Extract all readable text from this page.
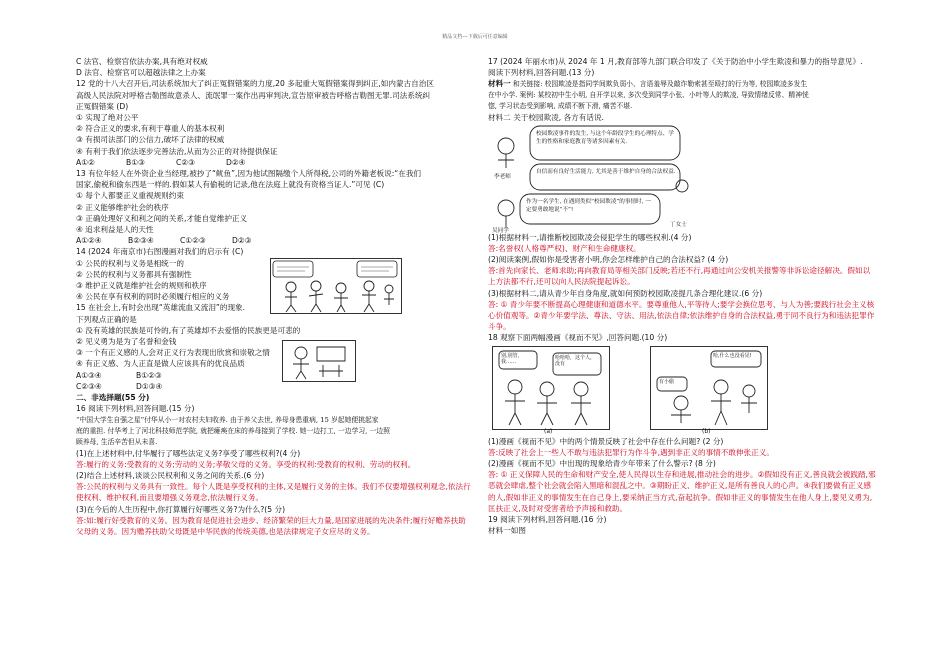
精品文档---下载后可任意编辑
C 法官、检察官依法办案,具有绝对权威
D 法官、检察官可以超越法律之上办案
12 党的十八大召开后,司法系统加大了纠正冤假错案的力度,20 多起重大冤假错案得到纠正,如内蒙古自治区
高级人民法院对呼格吉勒图故意杀人、流氓罪一案作出再审判决,宣告原审被告呼格吉勒图无罪.司法系统纠
正冤假错案 (D)
① 实现了绝对公平
② 符合正义的要求,有利于尊重人的基本权利
③ 有损司法部门的公信力,破坏了法律的权威
④ 有利于我们依法逐步完善法治,从而为公正的对待提供保证
A①②	B①③	C②③	D②④
13 有位年轻人在外资企业当经理,被抄了“鱿鱼”,因为他试图隔缴个人所得税,公司的外籍老板说:“在我们
国家,偷税和偷东西是一样的.假如某人有偷税的记录,他在法庭上就没有资格当证人.”可见 (C)
① 每个人都要正义重视规则约束
② 正义能够维护社会的秩序
③ 正确处理好义和利之间的关系,才能自觉维护正义
④ 追求利益是人的天性
A①②④	B②③④	C①②③	D②③
14 (2024 年南京市)右图漫画对我们的启示有 (C)
① 公民的权利与义务是相统一的
② 公民的权利与义务都具有强制性
③ 维护正义就是维护社会的规则和秩序
④ 公民在享有权利的同时必须履行相应的义务
15 在社会上,有时会出现“英雄流血又流泪”的现象.
下列观点正确的是
① 没有英雄的民族是可怜的,有了英雄却不去爱惜的民族更是可悲的
② 见义勇为是为了名誉和金钱
③ 一个有正义感的人,会对正义行为表现出欣赏和崇敬之情
④ 有正义感、为人正直是做人应该具有的优良品质
A①③④	B①②③
C②③④	D①③④
二、非选择题(55 分)
16 阅读下列材料,回答问题.(15 分)
“中国大学生自强之星”付华从小一对农村夫妇收养. 由于养父去世, 养母身患重病, 15 岁起她便挑起家
庭的重担. 付华考上了河北科技师范学院, 就把瘫痪在床的养母接到了学校. 她一边打工, 一边学习, 一边照
顾养母, 生活辛苦但从未喜.
(1)在上述材料中,付华履行了哪些法定义务?享受了哪些权利?(4 分)
答:履行的义务:受教育的义务;劳动的义务;孝敬父母的义务。享受的权利:受教育的权利、劳动的权利。
(2)结合上述材料,谈谈公民权利和义务之间的关系.(6 分)
答:公民的权利与义务具有一致性。每个人既是享受权利的主体,又是履行义务的主体。我们不仅要增强权利观念,依法行使权利、维护权利,而且要增强义务观念,依法履行义务。
(3)在今后的人生历程中,你打算履行好哪些义务?为什么?(5 分)
答:如:履行好受教育的义务。因为教育是促进社会进步、经济繁荣的巨大力量,是国家进展的先决条件;履行好赡养扶助父母的义务。因为赡养扶助父母既是中华民族的传统美德,也是法律规定子女应尽的义务。
17 (2024 年丽水市)从 2024 年 1 月,教育部等九部门联合印发了《关于防治中小学生欺凌和暴力的指导意见》.
阅读下列材料,回答问题.(13 分)
材料一 和关链接: 校园欺凌是指同学间欺负弱小、言语羞辱及敲诈勒索甚至殴打的行为等, 校园欺凌多发生
在中小学. 案例: 某校初中生小明, 自开学以来, 多次受到同学小张、小叶等人的欺凌, 导致情绪反常、精神恍
惚, 学习状态受到影响, 成绩不断下滑, 痛苦不堪.
材料二 关于校园欺凌, 各方有话说.
校园欺凌事件的发生, 与这个年龄段学生的心理特点、学生的性格和家庭教育等诸多因素有关.
自信而有良好生活能力, 尤其是善于维护自身的合法权益.
作为一名学生, 在遇到类似“校园欺凌”的事情时, 一定要勇敢地说“不”!
李老师
丁女士
吴同学
(1)根据材料一,请推断校园欺凌会侵犯学生的哪些权利.(4 分)
答:名誉权(人格尊严权)、财产和生命健康权。
(2)阅读案例,假如你是受害者小明,你会怎样维护自己的合法权益? (4 分)
答:首先向家长、老师求助;再向教育局等相关部门反映;若还不行,再通过向公安机关报警等非诉讼途径解决。假如以上方法都不行,还可以向人民法院提起诉讼。
(3)根据材料二,请从青少年自身角度,就如何预防校园欺凌提几条合理化建议.(6 分)
答: ① 青少年要不断提高心理健康和道德水平。要尊重他人,平等待人;要学会换位思考、与人为善;要践行社会主义核心价值观等。②青少年要学法、尊法、守法、用法,依法自律;依法维护自身的合法权益,勇于同不良行为和违法犯罪作斗争。
18 观察下面两幅漫画《视而不见》,回答问题.(10 分)
别,别管，我……
哈哈哈，这个人，没有
有小偷
哈,什么也没看见!
(a)	(b)
(1)漫画《视而不见》中的两个情景反映了社会中存在什么问题? (2 分)
答:反映了社会上一些人不敢与违法犯罪行为作斗争,遇到非正义的事情不敢伸张正义。
(2)漫画《视而不见》中出现的现象给青少年带来了什么警示? (8 分)
答: ① 正义保障人民的生命和财产安全,使人民得以生存和进展,推动社会的进步。②假如没有正义,善良就会被践踏,邪恶就会肆虐,整个社会就会陷入黑暗和混乱之中。③期盼正义、维护正义,是所有善良人的心声。④我们要做有正义感的人,假如非正义的事情发生在自己身上,要采纳正当方式,奋起抗争。假如非正义的事情发生在他人身上,要见义勇为,匡扶正义,及时对受害者给予声援和救助。
19 阅读下列材料,回答问题.(16 分)
材料一如图
